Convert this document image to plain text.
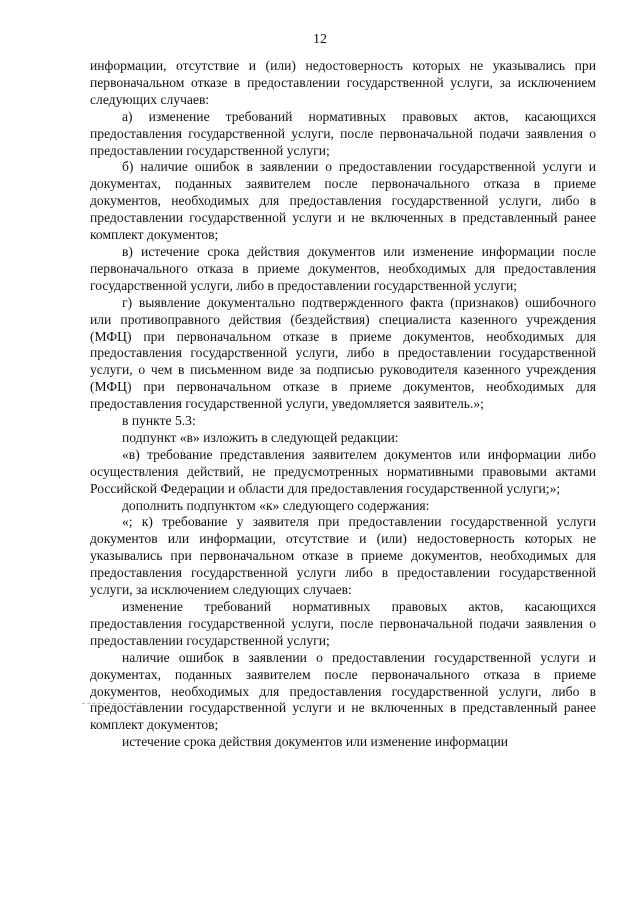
12

информации, отсутствие и (или) недостоверность которых не указывались при первоначальном отказе в предоставлении государственной услуги, за исключением следующих случаев:

а) изменение требований нормативных правовых актов, касающихся предоставления государственной услуги, после первоначальной подачи заявления о предоставлении государственной услуги;

б) наличие ошибок в заявлении о предоставлении государственной услуги и документах, поданных заявителем после первоначального отказа в приеме документов, необходимых для предоставления государственной услуги, либо в предоставлении государственной услуги и не включенных в представленный ранее комплект документов;

в) истечение срока действия документов или изменение информации после первоначального отказа в приеме документов, необходимых для предоставления государственной услуги, либо в предоставлении государственной услуги;

г) выявление документально подтвержденного факта (признаков) ошибочного или противоправного действия (бездействия) специалиста казенного учреждения (МФЦ) при первоначальном отказе в приеме документов, необходимых для предоставления государственной услуги, либо в предоставлении государственной услуги, о чем в письменном виде за подписью руководителя казенного учреждения (МФЦ) при первоначальном отказе в приеме документов, необходимых для предоставления государственной услуги, уведомляется заявитель.»;

в пункте 5.3:

подпункт «в» изложить в следующей редакции:

«в) требование представления заявителем документов или информации либо осуществления действий, не предусмотренных нормативными правовыми актами Российской Федерации и области для предоставления государственной услуги;»;

дополнить подпунктом «к» следующего содержания:

«; к) требование у заявителя при предоставлении государственной услуги документов или информации, отсутствие и (или) недостоверность которых не указывались при первоначальном отказе в приеме документов, необходимых для предоставления государственной услуги либо в предоставлении государственной услуги, за исключением следующих случаев:

изменение требований нормативных правовых актов, касающихся предоставления государственной услуги, после первоначальной подачи заявления о предоставлении государственной услуги;

наличие ошибок в заявлении о предоставлении государственной услуги и документах, поданных заявителем после первоначального отказа в приеме документов, необходимых для предоставления государственной услуги, либо в предоставлении государственной услуги и не включенных в представленный ранее комплект документов;

истечение срока действия документов или изменение информации
